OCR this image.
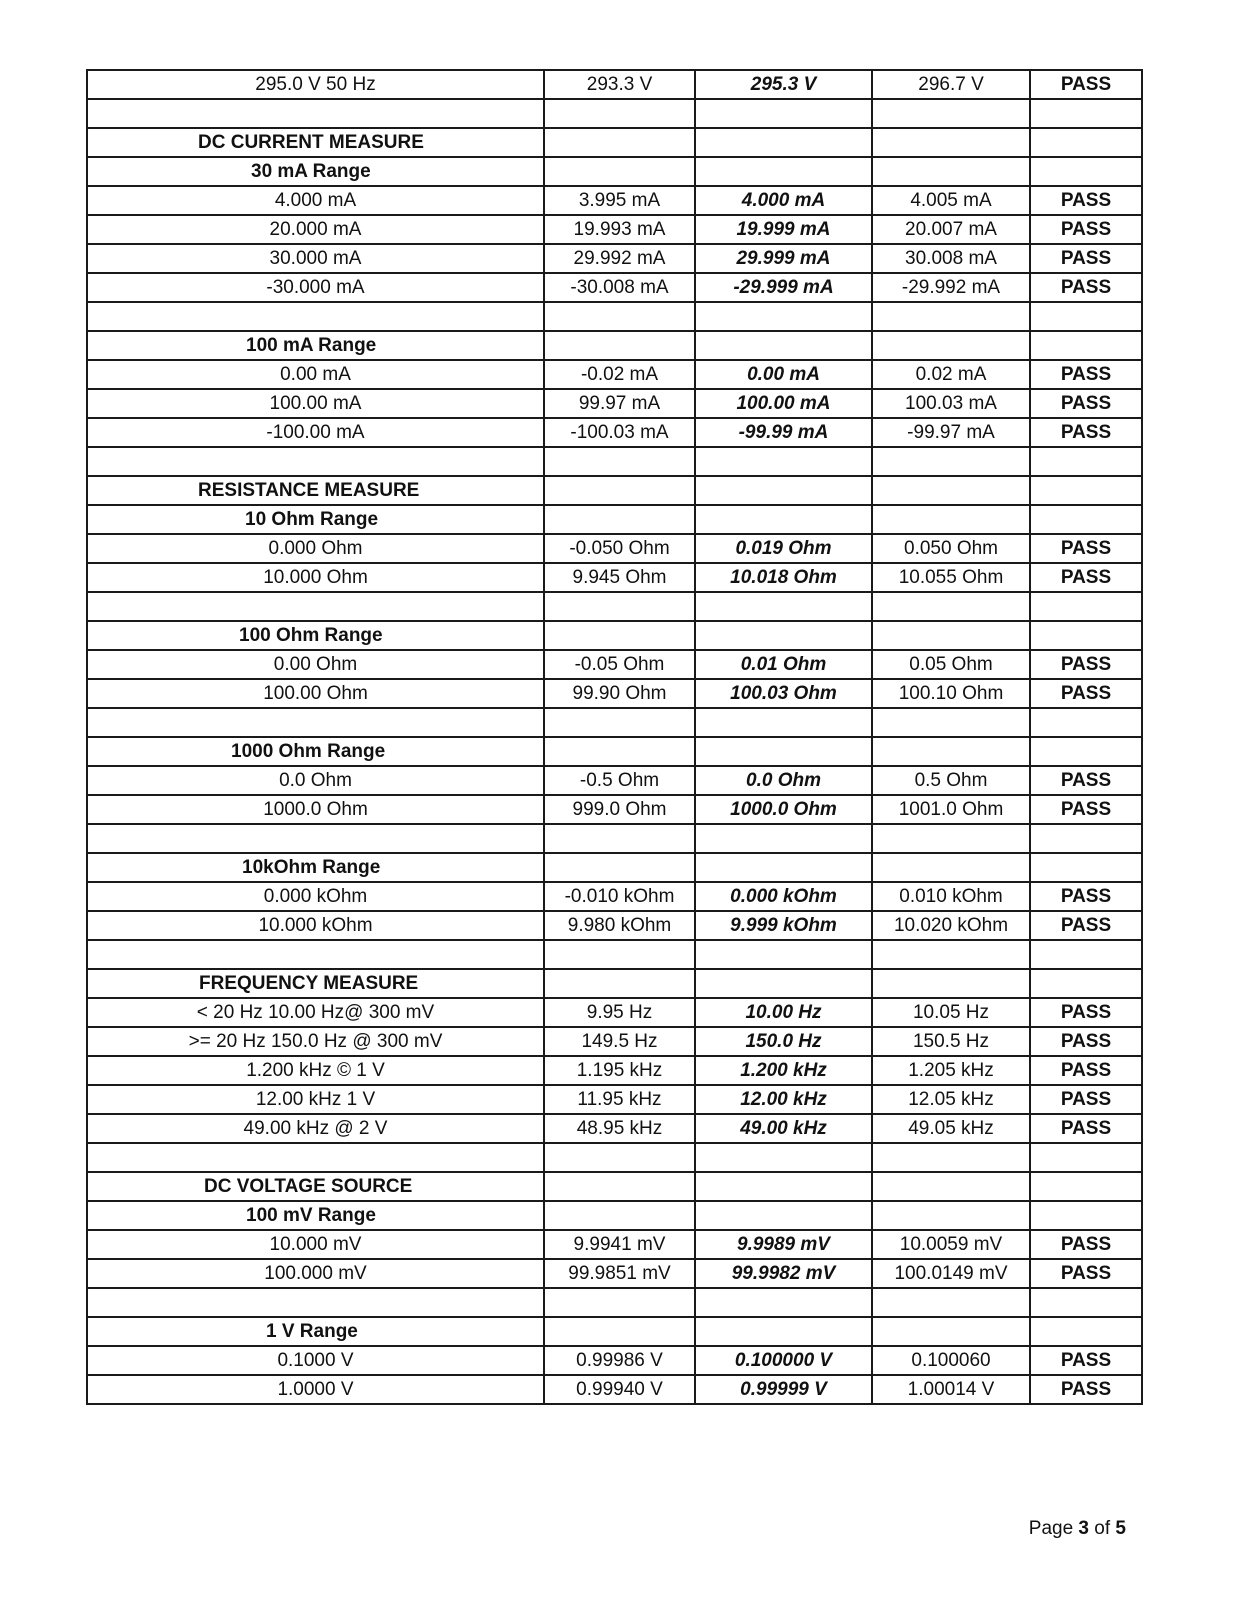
295.0 V 50 Hz	293.3 V	295.3 V	296.7 V	PASS

DC CURRENT MEASURE				
30 mA Range				
4.000 mA	3.995 mA	4.000 mA	4.005 mA	PASS
20.000 mA	19.993 mA	19.999 mA	20.007 mA	PASS
30.000 mA	29.992 mA	29.999 mA	30.008 mA	PASS
-30.000 mA	-30.008 mA	-29.999 mA	-29.992 mA	PASS

100 mA Range				
0.00 mA	-0.02 mA	0.00 mA	0.02 mA	PASS
100.00 mA	99.97 mA	100.00 mA	100.03 mA	PASS
-100.00 mA	-100.03 mA	-99.99 mA	-99.97 mA	PASS

RESISTANCE MEASURE				
10 Ohm Range				
0.000 Ohm	-0.050 Ohm	0.019 Ohm	0.050 Ohm	PASS
10.000 Ohm	9.945 Ohm	10.018 Ohm	10.055 Ohm	PASS

100 Ohm Range				
0.00 Ohm	-0.05 Ohm	0.01 Ohm	0.05 Ohm	PASS
100.00 Ohm	99.90 Ohm	100.03 Ohm	100.10 Ohm	PASS

1000 Ohm Range				
0.0 Ohm	-0.5 Ohm	0.0 Ohm	0.5 Ohm	PASS
1000.0 Ohm	999.0 Ohm	1000.0 Ohm	1001.0 Ohm	PASS

10kOhm Range				
0.000 kOhm	-0.010 kOhm	0.000 kOhm	0.010 kOhm	PASS
10.000 kOhm	9.980 kOhm	9.999 kOhm	10.020 kOhm	PASS

FREQUENCY MEASURE				
< 20 Hz 10.00 Hz@ 300 mV	9.95 Hz	10.00 Hz	10.05 Hz	PASS
>= 20 Hz 150.0 Hz @ 300 mV	149.5 Hz	150.0 Hz	150.5 Hz	PASS
1.200 kHz © 1 V	1.195 kHz	1.200 kHz	1.205 kHz	PASS
12.00 kHz 1 V	11.95 kHz	12.00 kHz	12.05 kHz	PASS
49.00 kHz @ 2 V	48.95 kHz	49.00 kHz	49.05 kHz	PASS

DC VOLTAGE SOURCE				
100 mV Range				
10.000 mV	9.9941 mV	9.9989 mV	10.0059 mV	PASS
100.000 mV	99.9851 mV	99.9982 mV	100.0149 mV	PASS

1 V Range				
0.1000 V	0.99986 V	0.100000 V	0.100060	PASS
1.0000 V	0.99940 V	0.99999 V	1.00014 V	PASS
Page 3 of 5
